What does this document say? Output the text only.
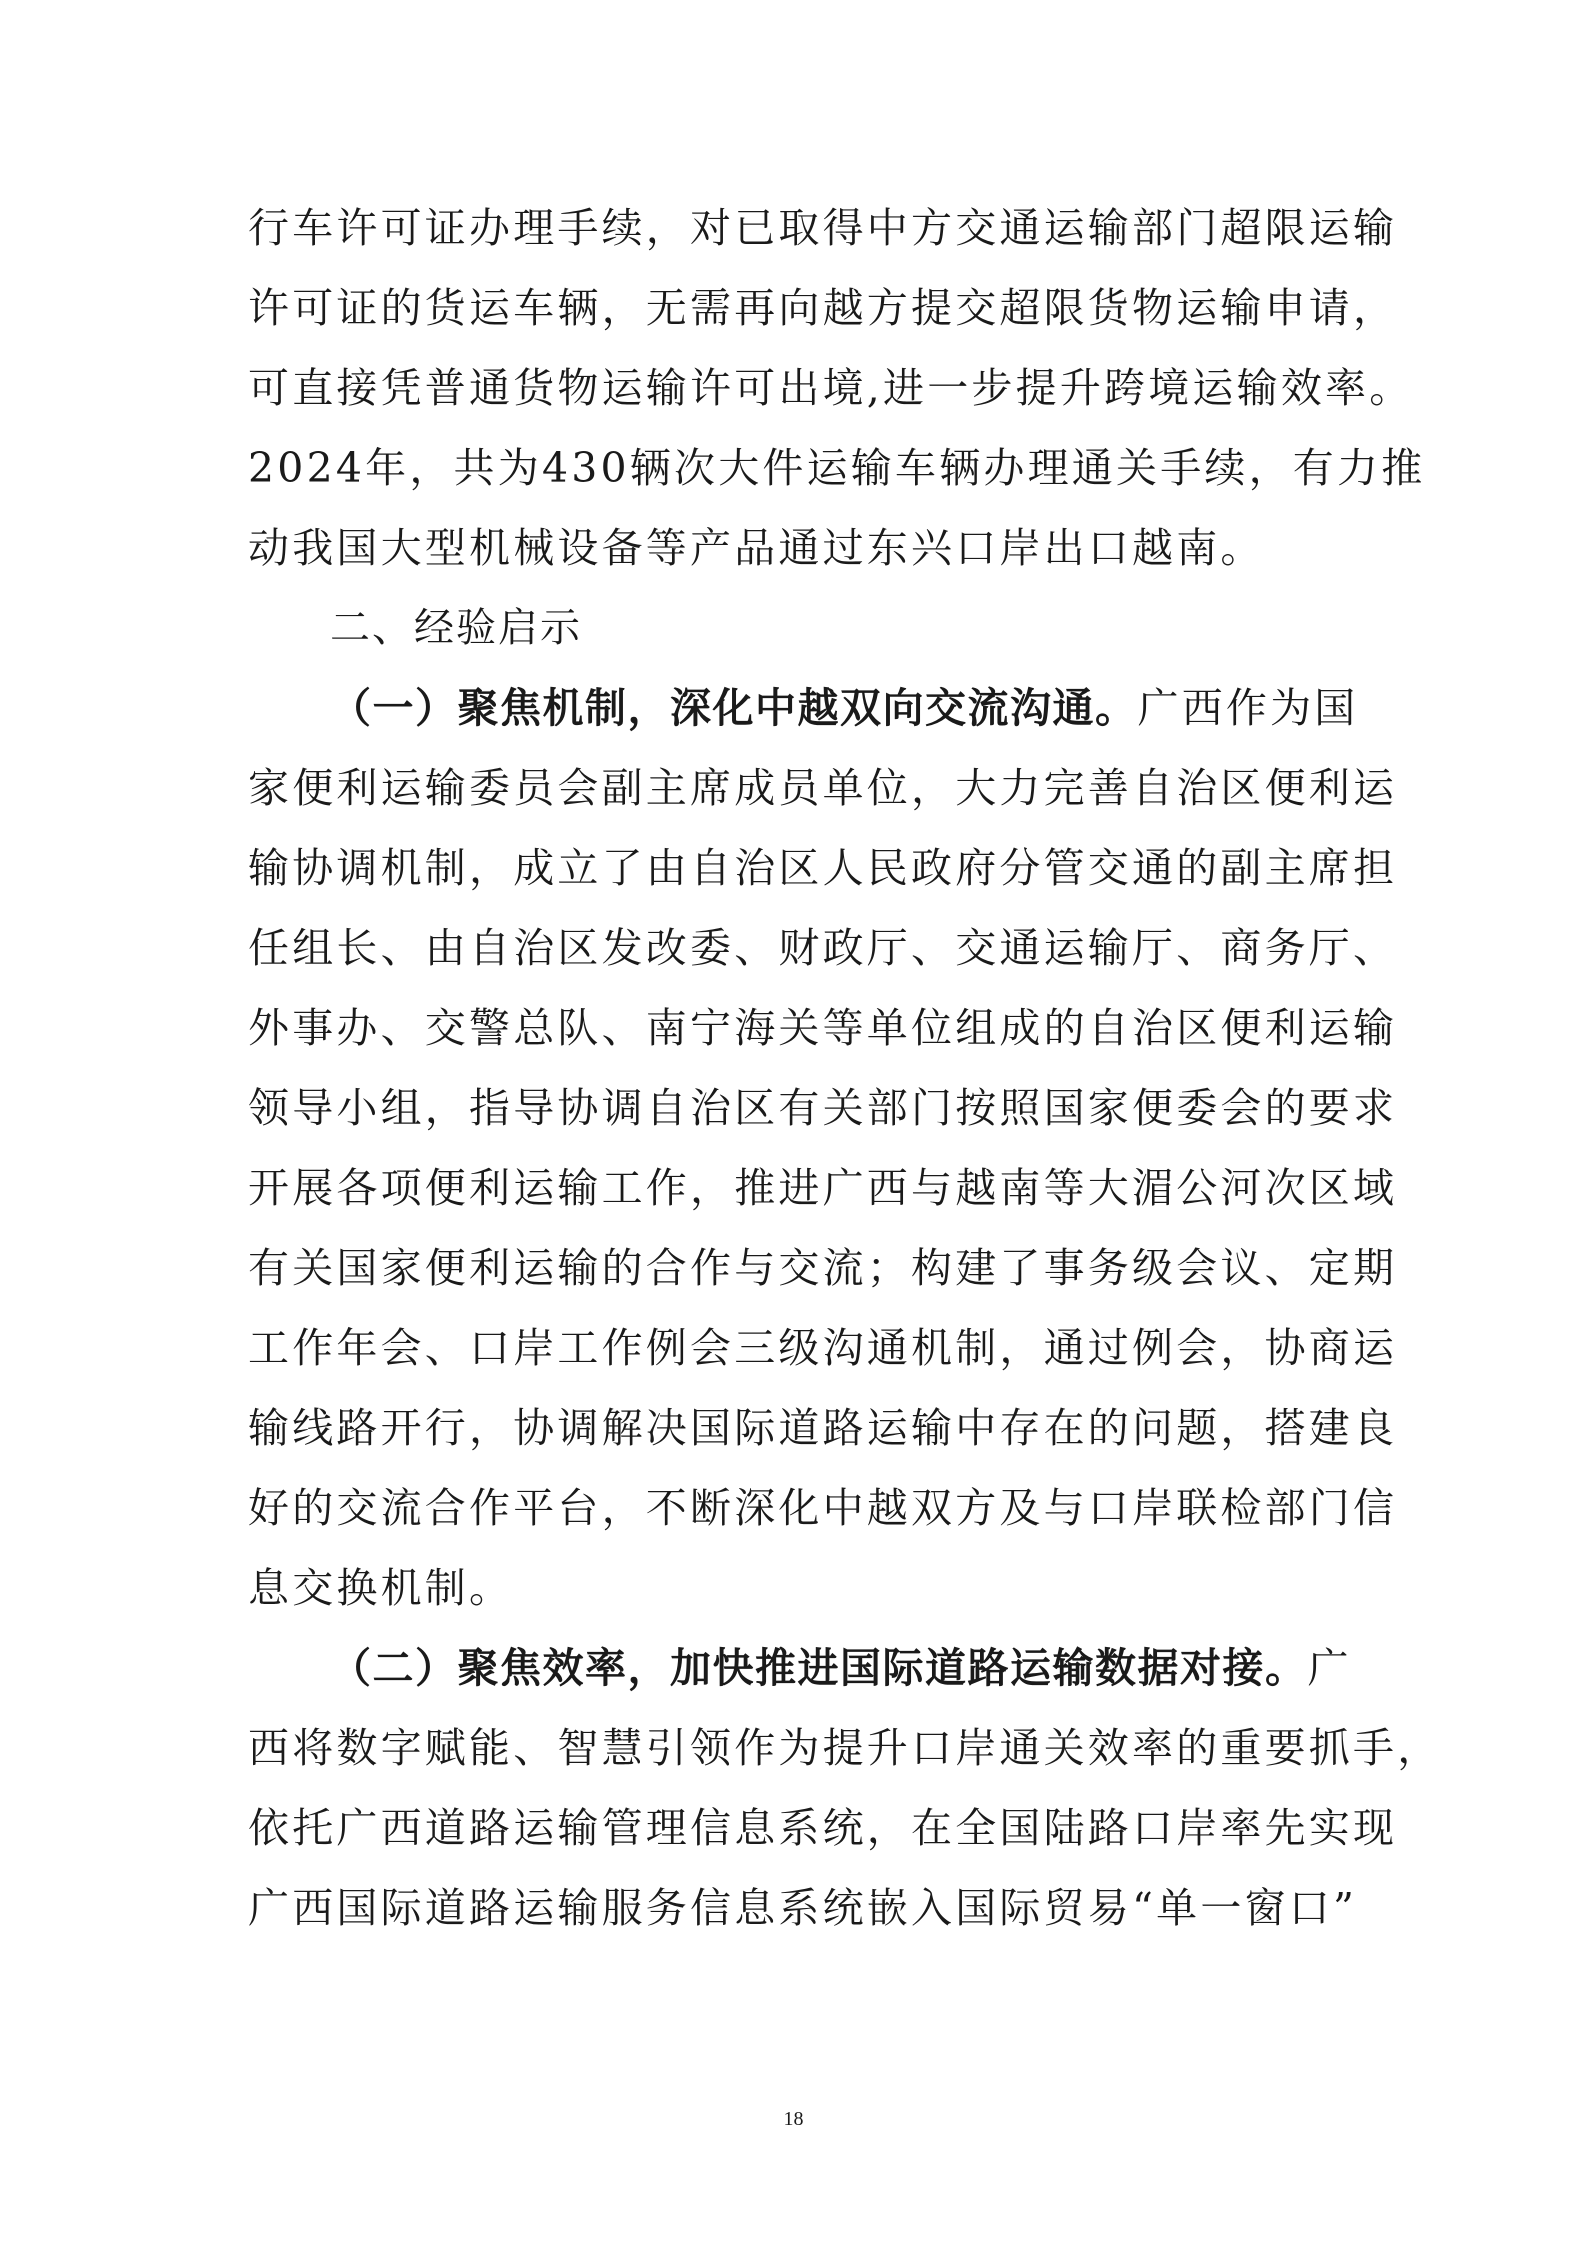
行车许可证办理手续，对已取得中方交通运输部门超限运输
许可证的货运车辆，无需再向越方提交超限货物运输申请，
可直接凭普通货物运输许可出境,进一步提升跨境运输效率。
2024年，共为430辆次大件运输车辆办理通关手续，有力推
动我国大型机械设备等产品通过东兴口岸出口越南。
二、经验启示
（一）聚焦机制，深化中越双向交流沟通。广西作为国
家便利运输委员会副主席成员单位，大力完善自治区便利运
输协调机制，成立了由自治区人民政府分管交通的副主席担
任组长、由自治区发改委、财政厅、交通运输厅、商务厅、
外事办、交警总队、南宁海关等单位组成的自治区便利运输
领导小组，指导协调自治区有关部门按照国家便委会的要求
开展各项便利运输工作，推进广西与越南等大湄公河次区域
有关国家便利运输的合作与交流；构建了事务级会议、定期
工作年会、口岸工作例会三级沟通机制，通过例会，协商运
输线路开行，协调解决国际道路运输中存在的问题，搭建良
好的交流合作平台，不断深化中越双方及与口岸联检部门信
息交换机制。
（二）聚焦效率，加快推进国际道路运输数据对接。广
西将数字赋能、智慧引领作为提升口岸通关效率的重要抓手，
依托广西道路运输管理信息系统，在全国陆路口岸率先实现
广西国际道路运输服务信息系统嵌入国际贸易“单一窗口”
18
